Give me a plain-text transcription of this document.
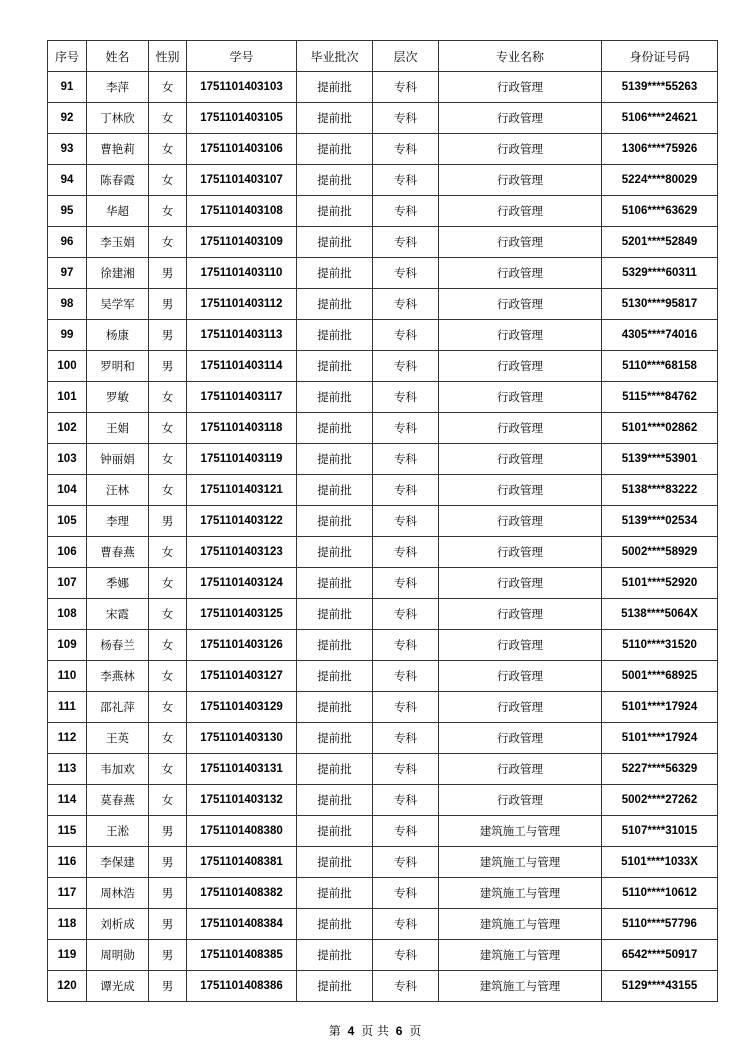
序号	姓名	性别	学号	毕业批次	层次	专业名称	身份证号码
91	李萍	女	1751101403103	提前批	专科	行政管理	5139****55263
92	丁林欣	女	1751101403105	提前批	专科	行政管理	5106****24621
93	曹艳莉	女	1751101403106	提前批	专科	行政管理	1306****75926
94	陈春霞	女	1751101403107	提前批	专科	行政管理	5224****80029
95	华超	女	1751101403108	提前批	专科	行政管理	5106****63629
96	李玉娟	女	1751101403109	提前批	专科	行政管理	5201****52849
97	徐建湘	男	1751101403110	提前批	专科	行政管理	5329****60311
98	吴学军	男	1751101403112	提前批	专科	行政管理	5130****95817
99	杨康	男	1751101403113	提前批	专科	行政管理	4305****74016
100	罗明和	男	1751101403114	提前批	专科	行政管理	5110****68158
101	罗敏	女	1751101403117	提前批	专科	行政管理	5115****84762
102	王娟	女	1751101403118	提前批	专科	行政管理	5101****02862
103	钟丽娟	女	1751101403119	提前批	专科	行政管理	5139****53901
104	汪林	女	1751101403121	提前批	专科	行政管理	5138****83222
105	李理	男	1751101403122	提前批	专科	行政管理	5139****02534
106	曹春燕	女	1751101403123	提前批	专科	行政管理	5002****58929
107	季娜	女	1751101403124	提前批	专科	行政管理	5101****52920
108	宋霞	女	1751101403125	提前批	专科	行政管理	5138****5064X
109	杨春兰	女	1751101403126	提前批	专科	行政管理	5110****31520
110	李燕林	女	1751101403127	提前批	专科	行政管理	5001****68925
111	邵礼萍	女	1751101403129	提前批	专科	行政管理	5101****17924
112	王英	女	1751101403130	提前批	专科	行政管理	5101****17924
113	韦加欢	女	1751101403131	提前批	专科	行政管理	5227****56329
114	莫春燕	女	1751101403132	提前批	专科	行政管理	5002****27262
115	王淞	男	1751101408380	提前批	专科	建筑施工与管理	5107****31015
116	李保建	男	1751101408381	提前批	专科	建筑施工与管理	5101****1033X
117	周林浩	男	1751101408382	提前批	专科	建筑施工与管理	5110****10612
118	刘析成	男	1751101408384	提前批	专科	建筑施工与管理	5110****57796
119	周明勋	男	1751101408385	提前批	专科	建筑施工与管理	6542****50917
120	谭光成	男	1751101408386	提前批	专科	建筑施工与管理	5129****43155
第 4 页 共 6 页
